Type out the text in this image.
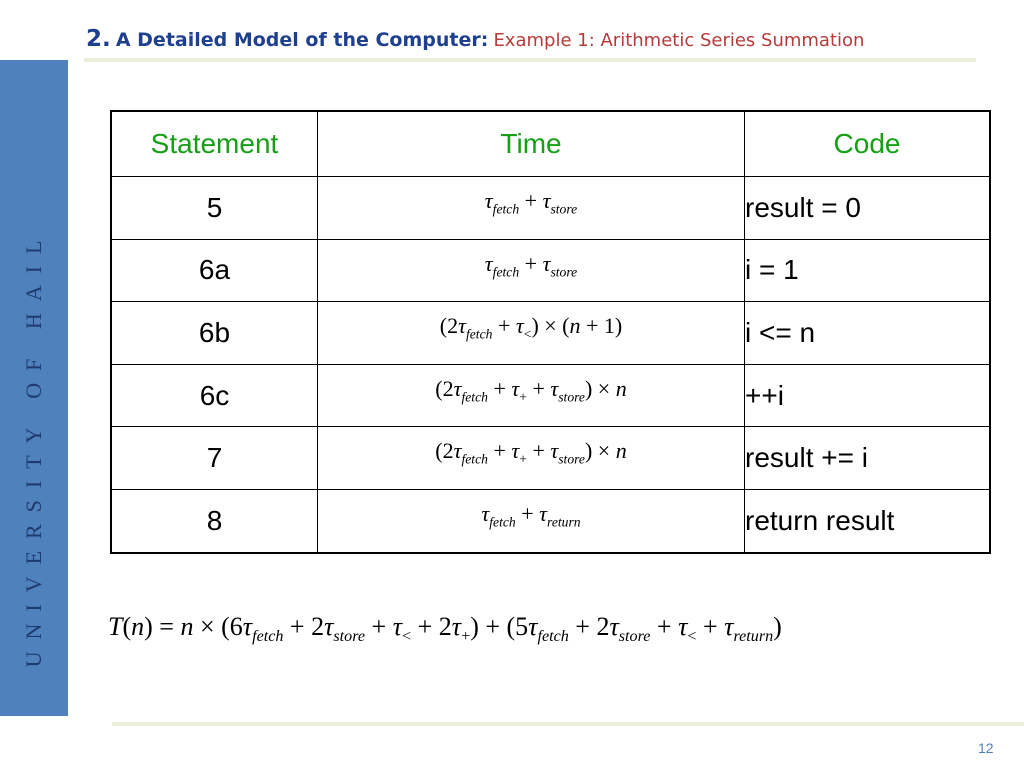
2. A Detailed Model of the Computer: Example 1: Arithmetic Series Summation
UNIVERSITY OF HAIL
Statement	Time	Code
5	$\tau_{fetch} + \tau_{store}$	result = 0
6a	$\tau_{fetch} + \tau_{store}$	i = 1
6b	$(2\tau_{fetch} + \tau_<) \times (n + 1)$	i <= n
6c	$(2\tau_{fetch} + \tau_+ + \tau_{store}) \times n$	++i
7	$(2\tau_{fetch} + \tau_+ + \tau_{store}) \times n$	result += i
8	$\tau_{fetch} + \tau_{return}$	return result
$T(n) = n \times (6\tau_{fetch} + 2\tau_{store} + \tau_< + 2\tau_+) + (5\tau_{fetch} + 2\tau_{store} + \tau_< + \tau_{return})$
12
